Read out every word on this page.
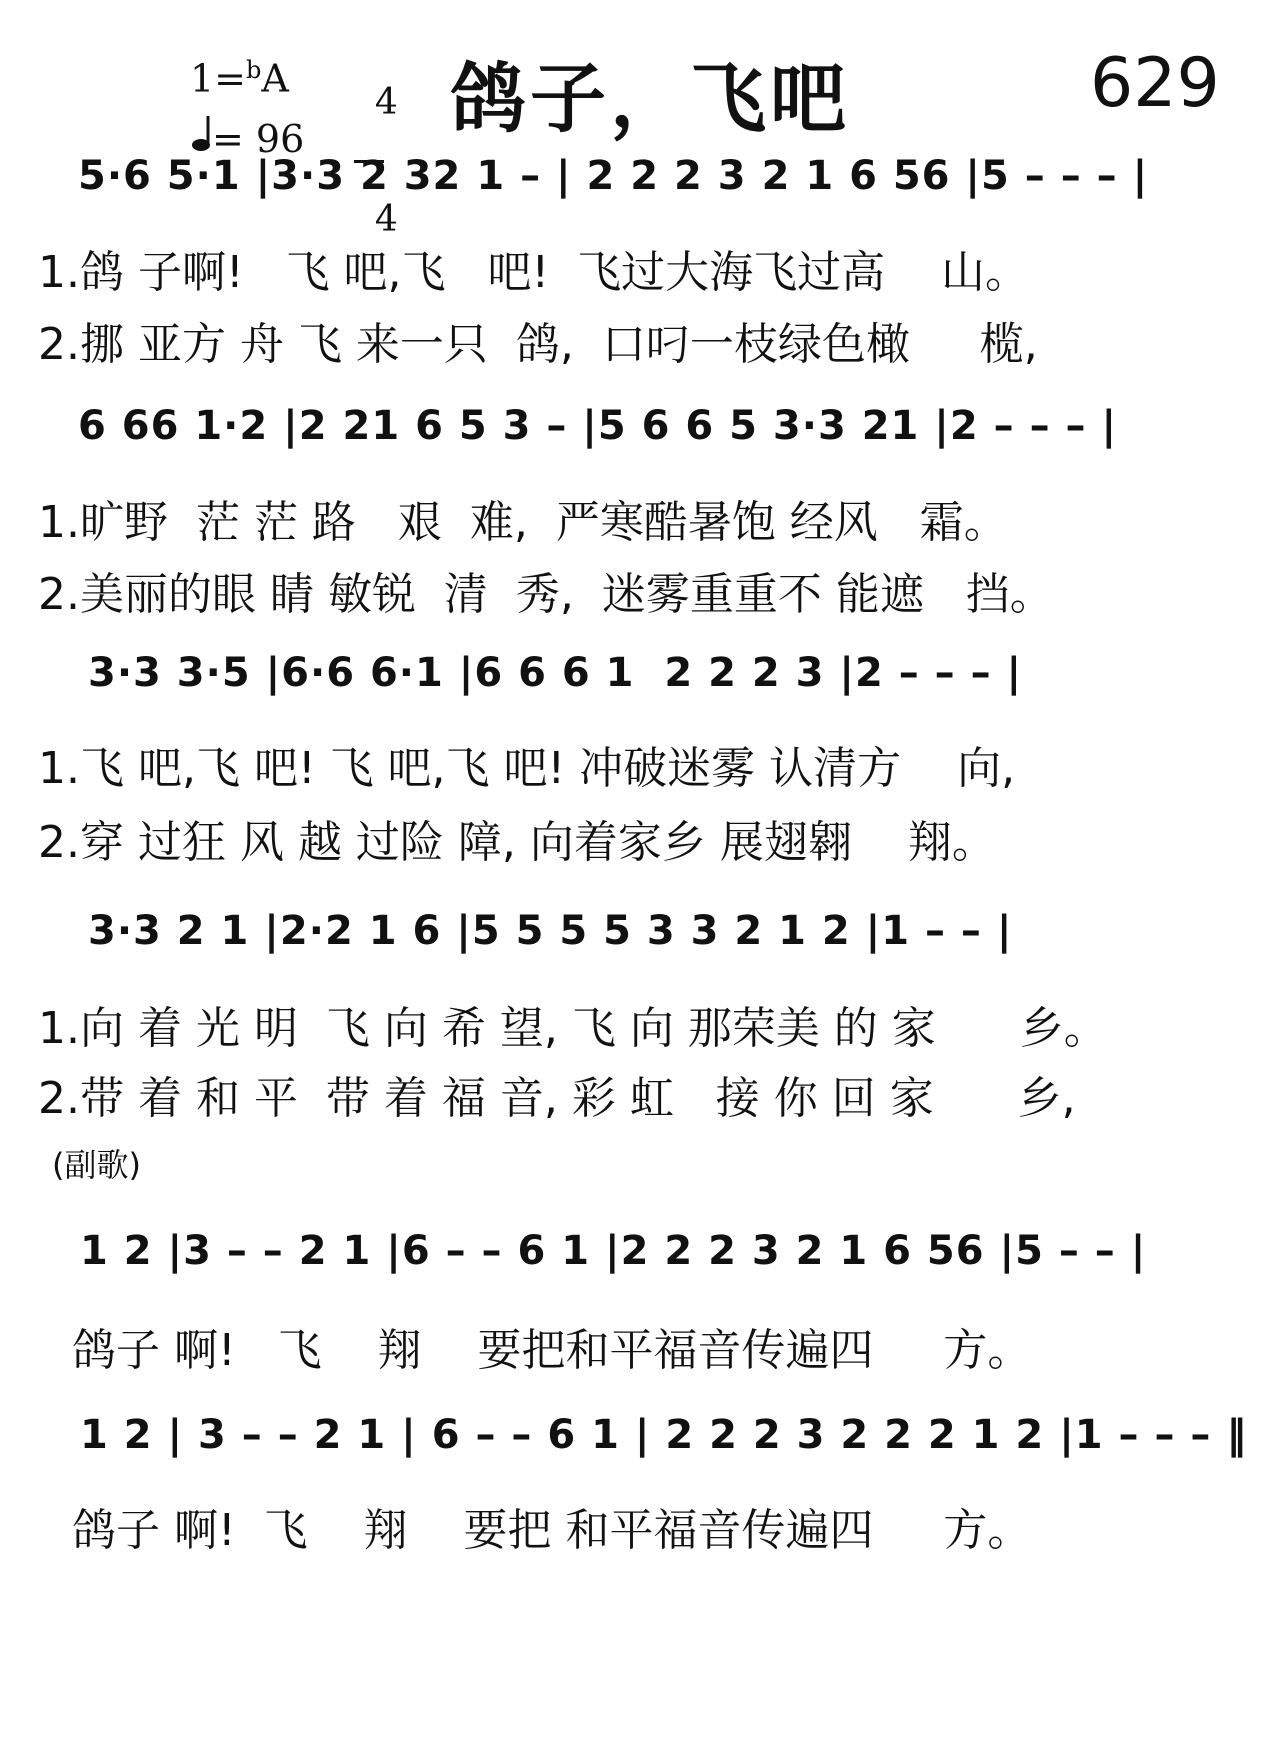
1=$^b$A

4

4

= 96 鸽子，飞吧	629
5·6 5·1 |3·3 2 32 1 – | 2 2 2 3 2 1 6 56 |5 – – – |
1.鸽 子啊!   飞 吧,飞   吧!  飞过大海飞过高    山。
2.挪 亚方 舟 飞 来一只  鸽,  口叼一枝绿色橄     榄,
6 66 1·2 |2 21 6 5 3 – |5 6 6 5 3·3 21 |2 – – – |
1.旷野  茫 茫 路   艰  难,  严寒酷暑饱 经风   霜。
2.美丽的眼 睛 敏锐  清  秀,  迷雾重重不 能遮   挡。
3·3 3·5 |6·6 6·1 |6 6 6 1  2 2 2 3 |2 – – – |
1.飞 吧,飞 吧! 飞 吧,飞 吧! 冲破迷雾 认清方    向,
2.穿 过狂 风 越 过险 障, 向着家乡 展翅翱    翔。
3·3 2 1 |2·2 1 6 |5 5 5 5 3 3 2 1 2 |1 – – |
1.向 着 光 明  飞 向 希 望, 飞 向 那荣美 的 家      乡。
2.带 着 和 平  带 着 福 音, 彩 虹   接 你 回 家      乡,
(副歌)
1 2 |3 – – 2 1 |6 – – 6 1 |2 2 2 3 2 1 6 56 |5 – – |
鸽子 啊!   飞    翔    要把和平福音传遍四     方。
1 2 | 3 – – 2 1 | 6 – – 6 1 | 2 2 2 3 2 2 2 1 2 |1 – – – ‖
鸽子 啊!  飞    翔    要把 和平福音传遍四     方。
